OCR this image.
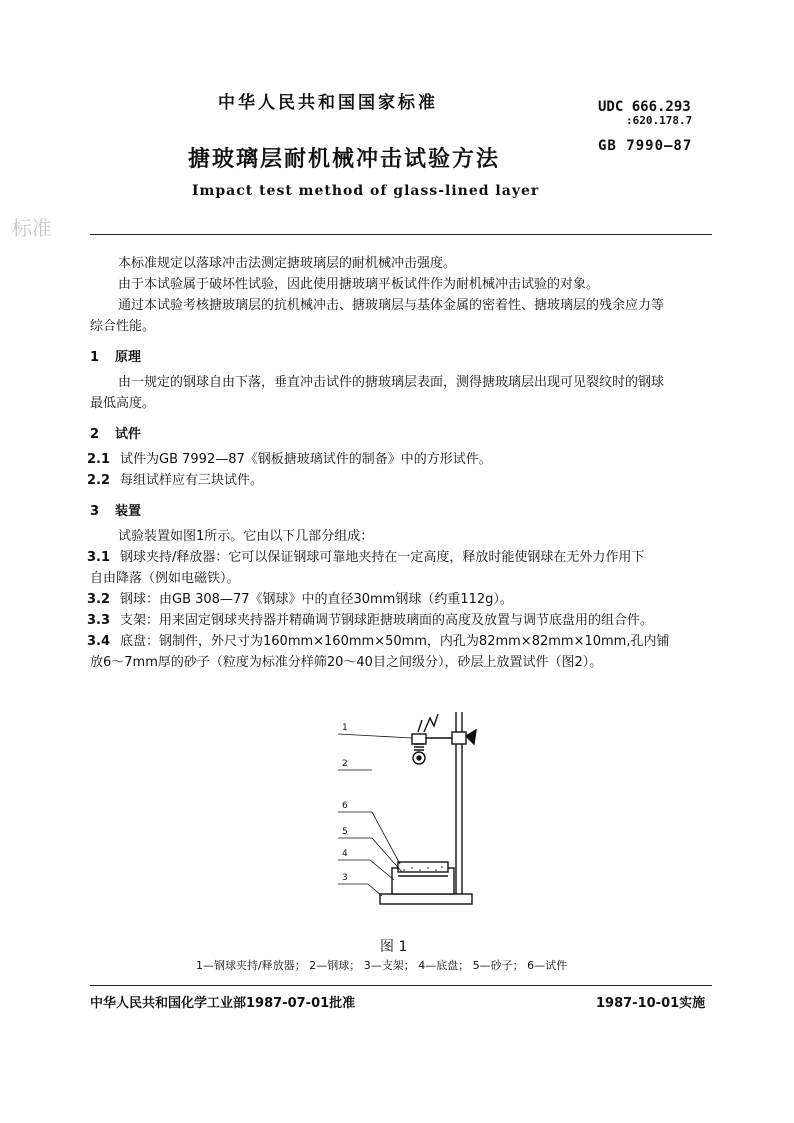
中华人民共和国国家标准	UDC 666.293
:620.178.7
GB 7990—87
搪玻璃层耐机械冲击试验方法
Impact test method of glass-lined layer
标准

本标准规定以落球冲击法测定搪玻璃层的耐机械冲击强度。

由于本试验属于破坏性试验，因此使用搪玻璃平板试件作为耐机械冲击试验的对象。

通过本试验考核搪玻璃层的抗机械冲击、搪玻璃层与基体金属的密着性、搪玻璃层的残余应力等

综合性能。

1 原理

由一规定的钢球自由下落，垂直冲击试件的搪玻璃层表面，测得搪玻璃层出现可见裂纹时的钢球

最低高度。

2 试件

2.1 试件为GB 7992—87《钢板搪玻璃试件的制备》中的方形试件。

2.2 每组试样应有三块试件。

3 装置

试验装置如图1所示。它由以下几部分组成：

3.1 钢球夹持/释放器：它可以保证钢球可靠地夹持在一定高度，释放时能使钢球在无外力作用下

自由降落（例如电磁铁）。

3.2 钢球：由GB 308—77《钢球》中的直径30mm钢球（约重112g）。

3.3 支架：用来固定钢球夹持器并精确调节钢球距搪玻璃面的高度及放置与调节底盘用的组合件。

3.4 底盘：钢制件，外尺寸为160mm×160mm×50mm，内孔为82mm×82mm×10mm,孔内铺

放6～7mm厚的砂子（粒度为标准分样筛20～40目之间级分），砂层上放置试件（图2）。

1
2
6
5
4
3
图 1
1—钢球夹持/释放器； 2—钢球； 3—支架； 4—底盘； 5—砂子； 6—试件
中华人民共和国化学工业部1987-07-01批准	1987-10-01实施
